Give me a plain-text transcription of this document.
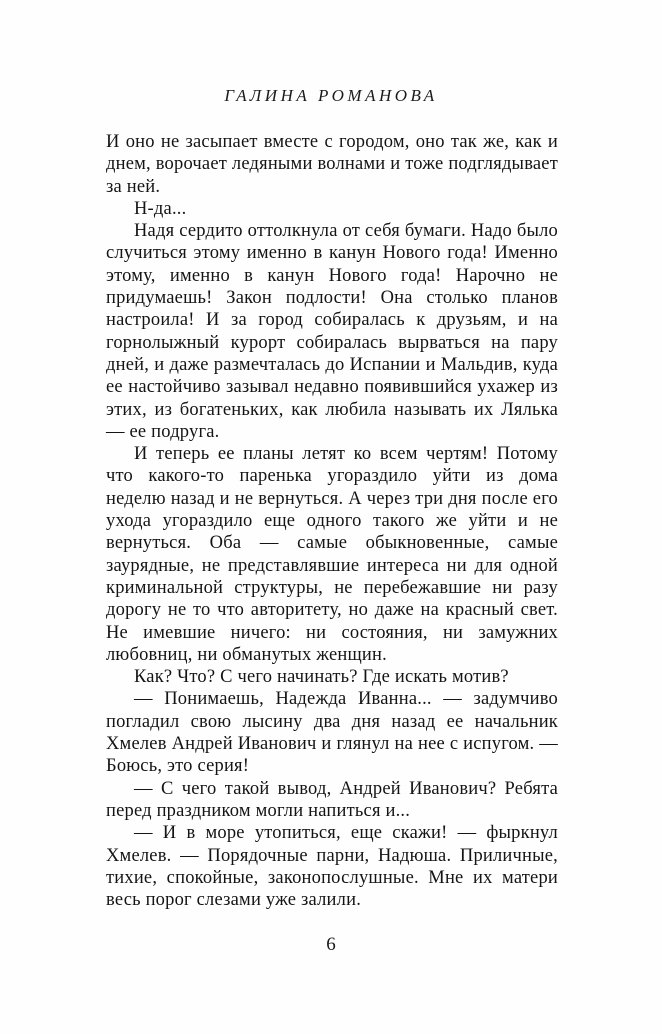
ГАЛИНА РОМАНОВА

И оно не засыпает вместе с городом, оно так же, как и днем, ворочает ледяными волнами и тоже подглядывает за ней.

Н-да...

Надя сердито оттолкнула от себя бумаги. Надо было случиться этому именно в канун Нового года! Именно этому, именно в канун Нового года! Нарочно не придумаешь! Закон подлости! Она столько планов настроила! И за город собиралась к друзьям, и на горнолыжный курорт собиралась вырваться на пару дней, и даже размечталась до Испании и Мальдив, куда ее настойчиво зазывал недавно появившийся ухажер из этих, из богатеньких, как любила называть их Лялька — ее подруга.

И теперь ее планы летят ко всем чертям! Потому что какого-то паренька угораздило уйти из дома неделю назад и не вернуться. А через три дня после его ухода угораздило еще одного такого же уйти и не вернуться. Оба — самые обыкновенные, самые заурядные, не представлявшие интереса ни для одной криминальной структуры, не перебежавшие ни разу дорогу не то что авторитету, но даже на красный свет. Не имевшие ничего: ни состояния, ни замужних любовниц, ни обманутых женщин.

Как? Что? С чего начинать? Где искать мотив?

— Понимаешь, Надежда Иванна... — задумчиво погладил свою лысину два дня назад ее начальник Хмелев Андрей Иванович и глянул на нее с испугом. — Боюсь, это серия!

— С чего такой вывод, Андрей Иванович? Ребята перед праздником могли напиться и...

— И в море утопиться, еще скажи! — фыркнул Хмелев. — Порядочные парни, Надюша. Приличные, тихие, спокойные, законопослушные. Мне их матери весь порог слезами уже залили.

6
